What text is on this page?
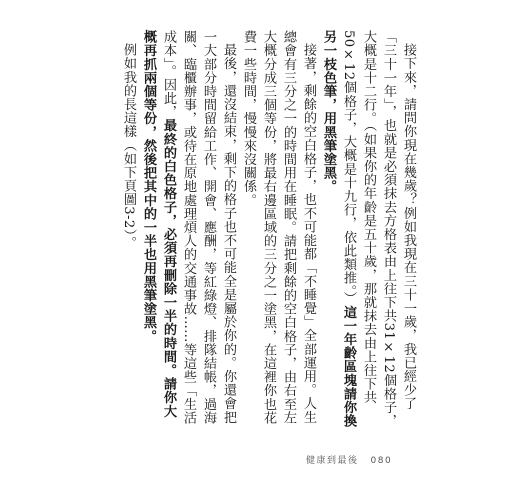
接下來，請問你現在幾歲？例如我現在三十一歲，我已經少了「三十一年」，也就是必須抹去方格表由上往下共31×12個格子，大概是十二行。（如果你的年齡是五十歲，那就抹去由上往下共50×12個格子，大概是十九行，依此類推。）這一年齡區塊請你換另一枝色筆，用黑筆塗黑。

接著，剩餘的空白格子，也不可能都「不睡覺」全部運用。人生總會有三分之一的時間用在睡眠。請把剩餘的空白格子，由右至左大概分成三個等份，將最右邊區域的三分之一塗黑，在這裡你也花費一些時間，慢慢來沒關係。

最後，還沒結束，剩下的格子也不可能全是屬於你的。你還會把一大部分時間留給工作、開會、應酬，等紅綠燈、排隊結帳，過海關、臨櫃辦事，或待在原地處理煩人的交通事故……等這些「生活成本」。因此，最終的白色格子，必須再刪除一半的時間。請你大概再抓兩個等份，然後把其中的一半也用黑筆塗黑。

例如我的長這樣（如下頁圖3-2）。

健康到最後 080
